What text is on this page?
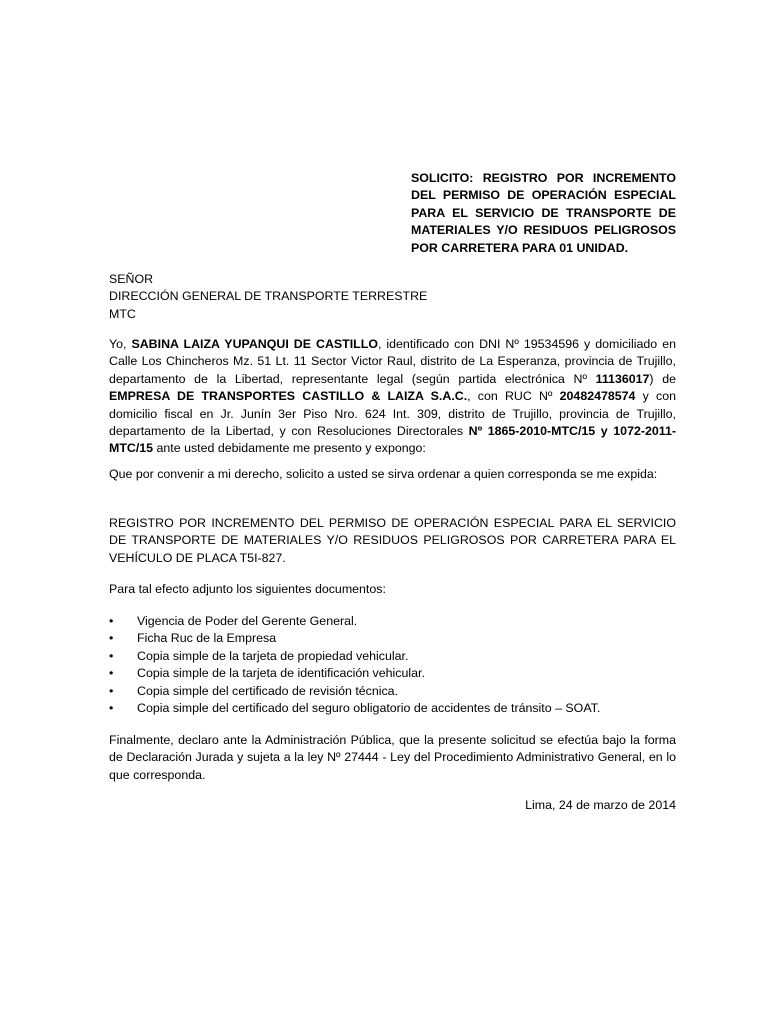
SOLICITO: REGISTRO POR INCREMENTO DEL PERMISO DE OPERACIÓN ESPECIAL PARA EL SERVICIO DE TRANSPORTE DE MATERIALES Y/O RESIDUOS PELIGROSOS POR CARRETERA PARA 01 UNIDAD.
SEÑOR
DIRECCIÓN GENERAL DE TRANSPORTE TERRESTRE
MTC
Yo, SABINA LAIZA YUPANQUI DE CASTILLO, identificado con DNI Nº 19534596 y domiciliado en Calle Los Chincheros Mz. 51 Lt. 11 Sector Victor Raul, distrito de La Esperanza, provincia de Trujillo, departamento de la Libertad, representante legal (según partida electrónica Nº 11136017) de EMPRESA DE TRANSPORTES CASTILLO & LAIZA S.A.C., con RUC Nº 20482478574 y con domicilio fiscal en Jr. Junín 3er Piso Nro. 624 Int. 309, distrito de Trujillo, provincia de Trujillo, departamento de la Libertad, y con Resoluciones Directorales Nº 1865-2010-MTC/15 y 1072-2011-MTC/15 ante usted debidamente me presento y expongo:
Que por convenir a mi derecho, solicito a usted se sirva ordenar a quien corresponda se me expida:
REGISTRO POR INCREMENTO DEL PERMISO DE OPERACIÓN ESPECIAL PARA EL SERVICIO DE TRANSPORTE DE MATERIALES Y/O RESIDUOS PELIGROSOS POR CARRETERA PARA EL VEHÍCULO DE PLACA T5I-827.
Para tal efecto adjunto los siguientes documentos:
• Vigencia de Poder del Gerente General.
• Ficha Ruc de la Empresa
• Copia simple de la tarjeta de propiedad vehicular.
• Copia simple de la tarjeta de identificación vehicular.
• Copia simple del certificado de revisión técnica.
• Copia simple del certificado del seguro obligatorio de accidentes de tránsito – SOAT.
Finalmente, declaro ante la Administración Pública, que la presente solicitud se efectúa bajo la forma de Declaración Jurada y sujeta a la ley Nº 27444 - Ley del Procedimiento Administrativo General, en lo que corresponda.
Lima, 24 de marzo de 2014
